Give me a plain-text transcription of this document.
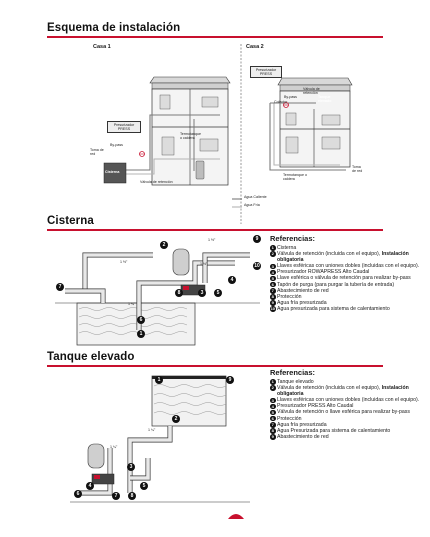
Esquema de instalación
Casa 1	Casa 2
Presurizador PRESS
By-pass
Toma de red
Cisterna
Válvula de retención
Termotanque o caldera
Presurizador PRESS
Válvula de retención
By-pass
Colector
Tanque elevado
Toma de red
Termotanque o caldera
Agua Caliente
Agua Fría
Cisterna
1 ½"
1 ½"
1 ½"
1 ¼"
2
9
10
4
3	5
8
7
6
1
Referencias:
1 Cisterna
2 Válvula de retención (incluida con el equipo), Instalación obligatoria
3 Llaves esféricas con uniones dobles (incluidas con el equipo).
4 Presurizador ROWAPRESS Alto Caudal
5 Llave esférica o válvula de retención para realizar by-pass
6 Tapón de purga (para purgar la tubería de entrada)
7 Abastecimiento de red
8 Protección
9 Agua fría presurizada
10 Agua presurizada para sistema de calentamiento
Tanque elevado
1 ¼"
1 ¼"
1	9
2
3
4	5
6	7	8
Referencias:
1 Tanque elevado
2 Válvula de retención (incluida con el equipo), Instalación obligatoria
3 Llaves esféricas con uniones dobles (incluidas con el equipo).
4 Presurizador PRESS Alto Caudal
5 Válvula de retención o llave esférica para realizar by-pass
6 Protección
7 Agua fría presurizada
8 Agua Presurizada para sistema de calentamiento
9 Abastecimiento de red
